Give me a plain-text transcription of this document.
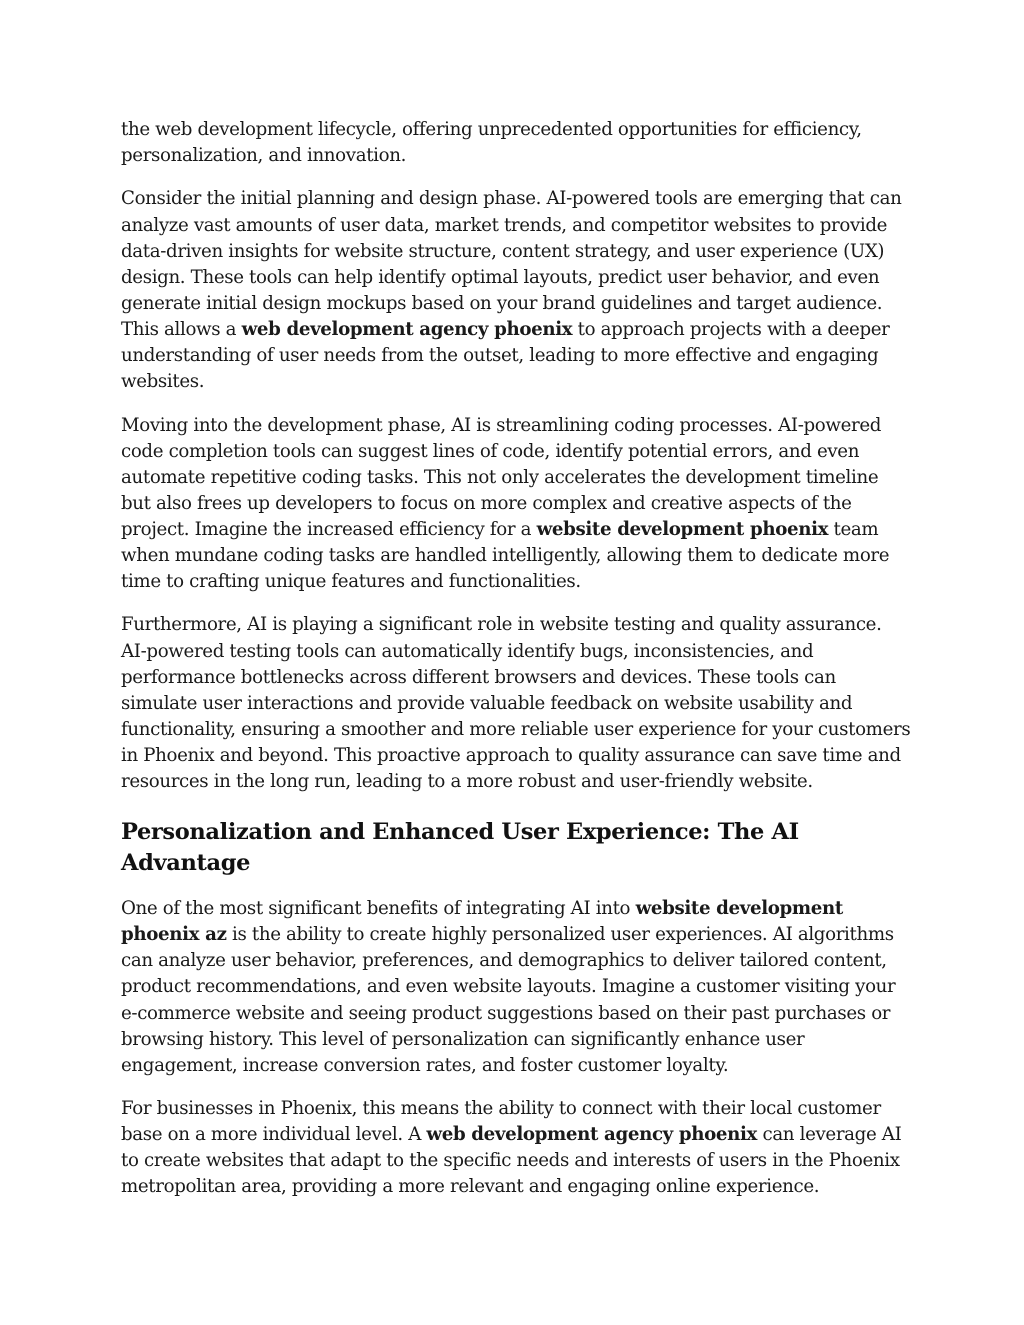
the web development lifecycle, offering unprecedented opportunities for efficiency, personalization, and innovation.

Consider the initial planning and design phase. AI-powered tools are emerging that can analyze vast amounts of user data, market trends, and competitor websites to provide data-driven insights for website structure, content strategy, and user experience (UX) design. These tools can help identify optimal layouts, predict user behavior, and even generate initial design mockups based on your brand guidelines and target audience. This allows a web development agency phoenix to approach projects with a deeper understanding of user needs from the outset, leading to more effective and engaging websites.

Moving into the development phase, AI is streamlining coding processes. AI-powered code completion tools can suggest lines of code, identify potential errors, and even automate repetitive coding tasks. This not only accelerates the development timeline but also frees up developers to focus on more complex and creative aspects of the project. Imagine the increased efficiency for a website development phoenix team when mundane coding tasks are handled intelligently, allowing them to dedicate more time to crafting unique features and functionalities.

Furthermore, AI is playing a significant role in website testing and quality assurance. AI-powered testing tools can automatically identify bugs, inconsistencies, and performance bottlenecks across different browsers and devices. These tools can simulate user interactions and provide valuable feedback on website usability and functionality, ensuring a smoother and more reliable user experience for your customers in Phoenix and beyond. This proactive approach to quality assurance can save time and resources in the long run, leading to a more robust and user-friendly website.

Personalization and Enhanced User Experience: The AI Advantage

One of the most significant benefits of integrating AI into website development phoenix az is the ability to create highly personalized user experiences. AI algorithms can analyze user behavior, preferences, and demographics to deliver tailored content, product recommendations, and even website layouts. Imagine a customer visiting your e-commerce website and seeing product suggestions based on their past purchases or browsing history. This level of personalization can significantly enhance user engagement, increase conversion rates, and foster customer loyalty.

For businesses in Phoenix, this means the ability to connect with their local customer base on a more individual level. A web development agency phoenix can leverage AI to create websites that adapt to the specific needs and interests of users in the Phoenix metropolitan area, providing a more relevant and engaging online experience.
